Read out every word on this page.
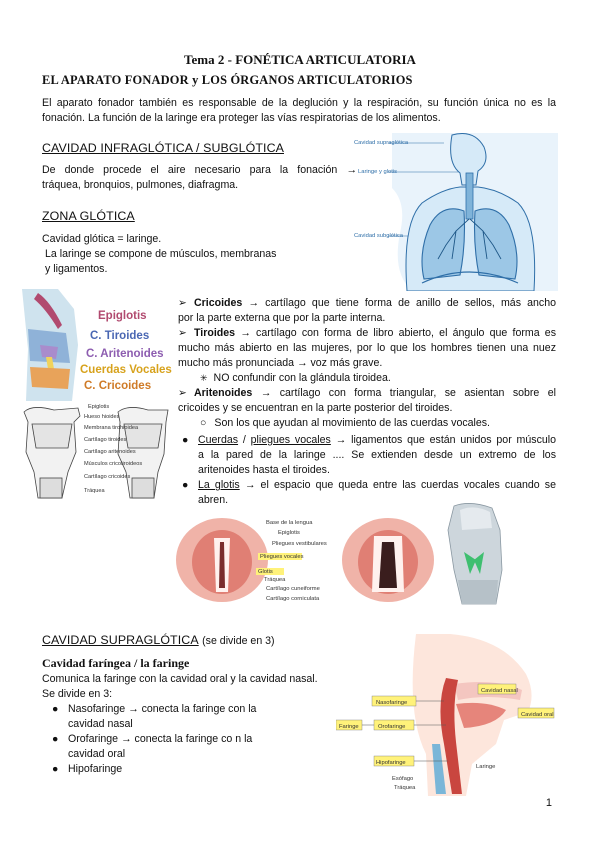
Tema 2 - FONÉTICA ARTICULATORIA
EL APARATO FONADOR y LOS ÓRGANOS ARTICULATORIOS
El aparato fonador también es responsable de la deglución y la respiración, su función única no es la
fonación. La función de la laringe era proteger las vías respiratorias de los alimentos.
CAVIDAD INFRAGLÓTICA / SUBGLÓTICA
De donde procede el aire necesario para la fonación →
tráquea, bronquios, pulmones, diafragma.
ZONA GLÓTICA
Cavidad glótica = laringe.
La laringe se compone de músculos, membranas
y ligamentos.
Cavidad supraglótica
Laringe y glotis
Cavidad subglótica
Epiglotis
C. Tiroides
C. Aritenoides
Cuerdas Vocales
C. Cricoides
Epiglotis
Hueso hioides
Membrana tirohioidea
Cartílago tiroides
Cartílago aritenoides
Músculos cricotiroideos
Cartílago cricoides
Tráquea
➢ Cricoides → cartílago que tiene forma de anillo de sellos, más ancho
por la parte externa que por la parte interna.
➢ Tiroides → cartílago con forma de libro abierto, el ángulo que forma es
mucho más abierto en las mujeres, por lo que los hombres tienen una nuez
mucho más pronunciada → voz más grave.
✳ NO confundir con la glándula tiroidea.
➢ Aritenoides → cartílago con forma triangular, se asientan sobre el
cricoides y se encuentran en la parte posterior del tiroides.
○ Son los que ayudan al movimiento de las cuerdas vocales.
● Cuerdas / pliegues vocales → ligamentos que están unidos por músculo
a la pared de la laringe .... Se extienden desde un extremo de los
aritenoides hasta el tiroides.
● La glotis → el espacio que queda entre las cuerdas vocales cuando se
abren.
Base de la lengua
Epiglotis
Pliegues vestibulares
Pliegues vocales
Glotis
Tráquea
Cartílago cuneiforme
Cartílago corniculata
CAVIDAD SUPRAGLÓTICA (se divide en 3)
Cavidad faríngea / la faringe
Comunica la faringe con la cavidad oral y la cavidad nasal.
Se divide en 3:
● Nasofaringe → conecta la faringe con la
cavidad nasal
● Orofaringe → conecta la faringe co n la
cavidad oral
● Hipofaringe
Cavidad nasal
Cavidad oral
Nasofaringe
Orofaringe
Faringe
Hipofaringe
Esófago
Tráquea
Laringe
1
